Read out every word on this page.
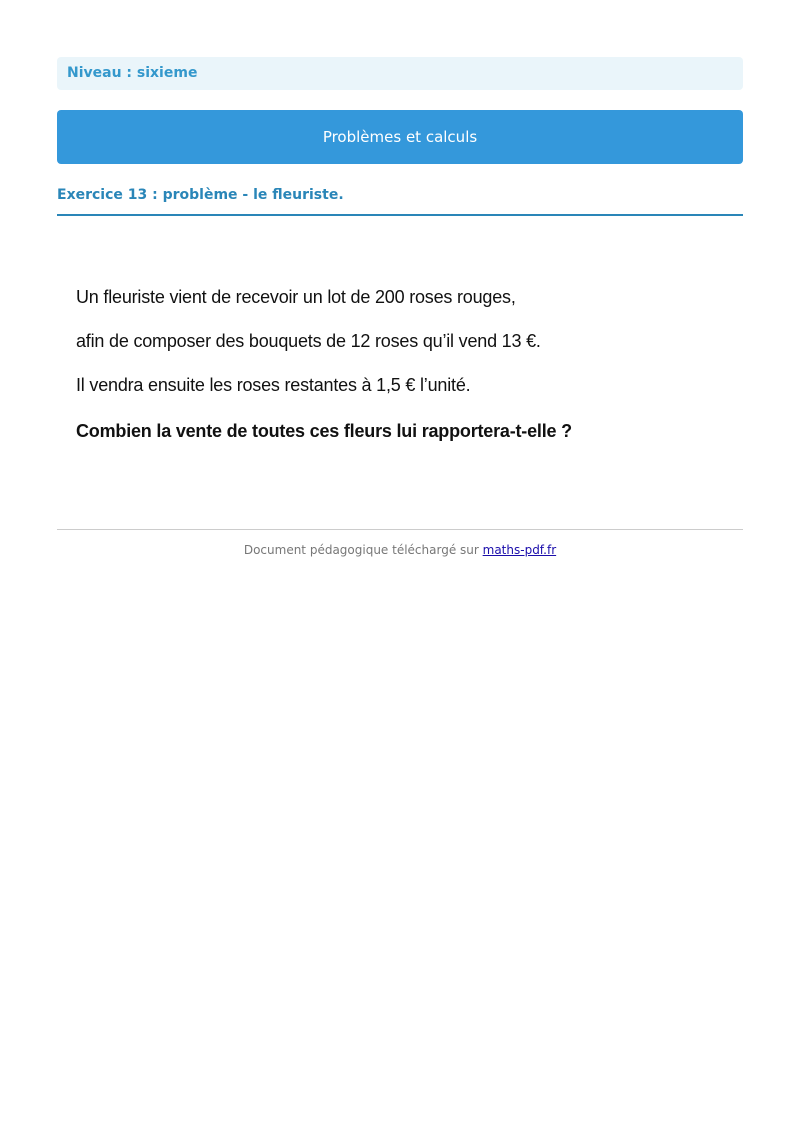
Niveau : sixieme
Problèmes et calculs
Exercice 13 : problème - le fleuriste.

Un fleuriste vient de recevoir un lot de 200 roses rouges,

afin de composer des bouquets de 12 roses qu’il vend 13 €.

Il vendra ensuite les roses restantes à 1,5 € l’unité.

Combien la vente de toutes ces fleurs lui rapportera-t-elle ?

Document pédagogique téléchargé sur maths-pdf.fr
